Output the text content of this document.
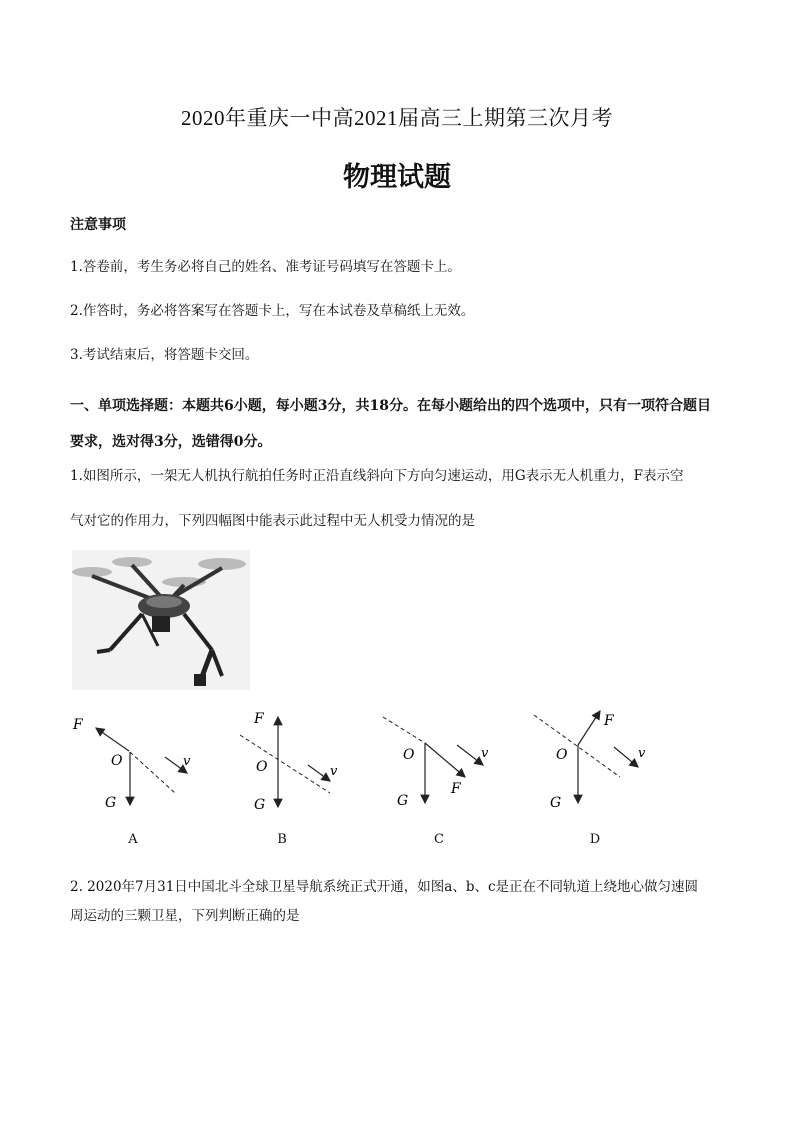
2020年重庆一中高2021届高三上期第三次月考
物理试题
注意事项
1.答卷前，考生务必将自己的姓名、准考证号码填写在答题卡上。
2.作答时，务必将答案写在答题卡上，写在本试卷及草稿纸上无效。
3.考试结束后，将答题卡交回。
一、单项选择题：本题共6小题，每小题3分，共18分。在每小题给出的四个选项中，只有一项符合题目
要求，选对得3分，选错得0分。
1.如图所示，一架无人机执行航拍任务时正沿直线斜向下方向匀速运动，用G表示无人机重力，F表示空
气对它的作用力，下列四幅图中能表示此过程中无人机受力情况的是
F
O
G
v
F
O
G
v
O
G
F
v
F
O
G
v
A	B	C	D
2. 2020年7月31日中国北斗全球卫星导航系统正式开通，如图a、b、c是正在不同轨道上绕地心做匀速圆
周运动的三颗卫星，下列判断正确的是
